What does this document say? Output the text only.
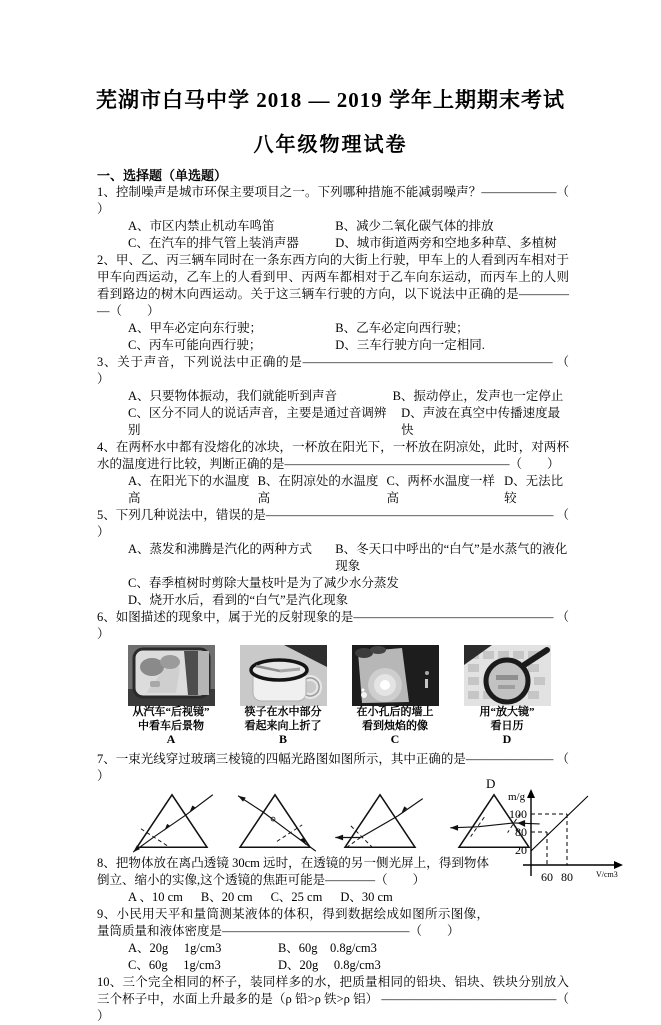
芜湖市白马中学 2018 — 2019 学年上期期末考试
八年级物理试卷

一、选择题（单选题）

1、控制噪声是城市环保主要项目之一。下列哪种措施不能减弱噪声？——————（　　）

A、市区内禁止机动车鸣笛	B、减少二氧化碳气体的排放
C、在汽车的排气管上装消声器	D、城市街道两旁和空地多种草、多植树

2、甲、乙、丙三辆车同时在一条东西方向的大街上行驶，甲车上的人看到丙车相对于甲车向西运动，乙车上的人看到甲、丙两车都相对于乙车向东运动，而丙车上的人则看到路边的树木向西运动。关于这三辆车行驶的方向，以下说法中正确的是———— —（　　）

A、甲车必定向东行驶；	B、乙车必定向西行驶；
C、丙车可能向西行驶；	D、三车行驶方向一定相同.

3、关于声音，下列说法中正确的是———————————————————— （　　）

A、只要物体振动，我们就能听到声音	B、振动停止，发声也一定停止
C、区分不同人的说话声音，主要是通过音调辨别
D、声波在真空中传播速度最快

4、在两杯水中都有没熔化的冰块，一杯放在阳光下，一杯放在阴凉处，此时，对两杯水的温度进行比较，判断正确的是——————————————————（　　）

A、在阳光下的水温度高
B、在阴凉处的水温度高
C、两杯水温度一样高
D、无法比较

5、下列几种说法中，错误的是——————————————————————— （　　）

A、蒸发和沸腾是汽化的两种方式	B、冬天口中呼出的“白气”是水蒸气的液化现象
C、春季植树时剪除大量枝叶是为了减少水分蒸发
D、烧开水后，看到的“白气”是汽化现象

6、如图描述的现象中，属于光的反射现象的是———————————————— （　　）

从汽车“后视镜”
中看车后景物
A
筷子在水中部分
看起来向上折了
B
在小孔后的墙上
看到烛焰的像
C
用“放大镜”
看日历
D

7、一束光线穿过玻璃三棱镜的四幅光路图如图所示，其中正确的是——————— （　　）

8、把物体放在离凸透镜 30cm 远时，在透镜的另一侧光屏上，得到物体倒立、缩小的实像,这个透镜的焦距可能是————（　　）

A 、10 cm B、20 cm C、25 cm D、30 cm

9、小民用天平和量筒测某液体的体积，得到数据绘成如图所示图像，量筒质量和液体密度是———————————————（　　）

A、20g　 1g/cm3	B、60g　0.8g/cm3
C、60g　 1g/cm3	D、20g　 0.8g/cm3

10、三个完全相同的杯子，装同样多的水，把质量相同的铅块、铝块、铁块分别放入三个杯子中，水面上升最多的是（ρ 铅>ρ 铁>ρ 铝） ——————————————（　　）

D
m/g
100
80
20
60 80	V/cm3
